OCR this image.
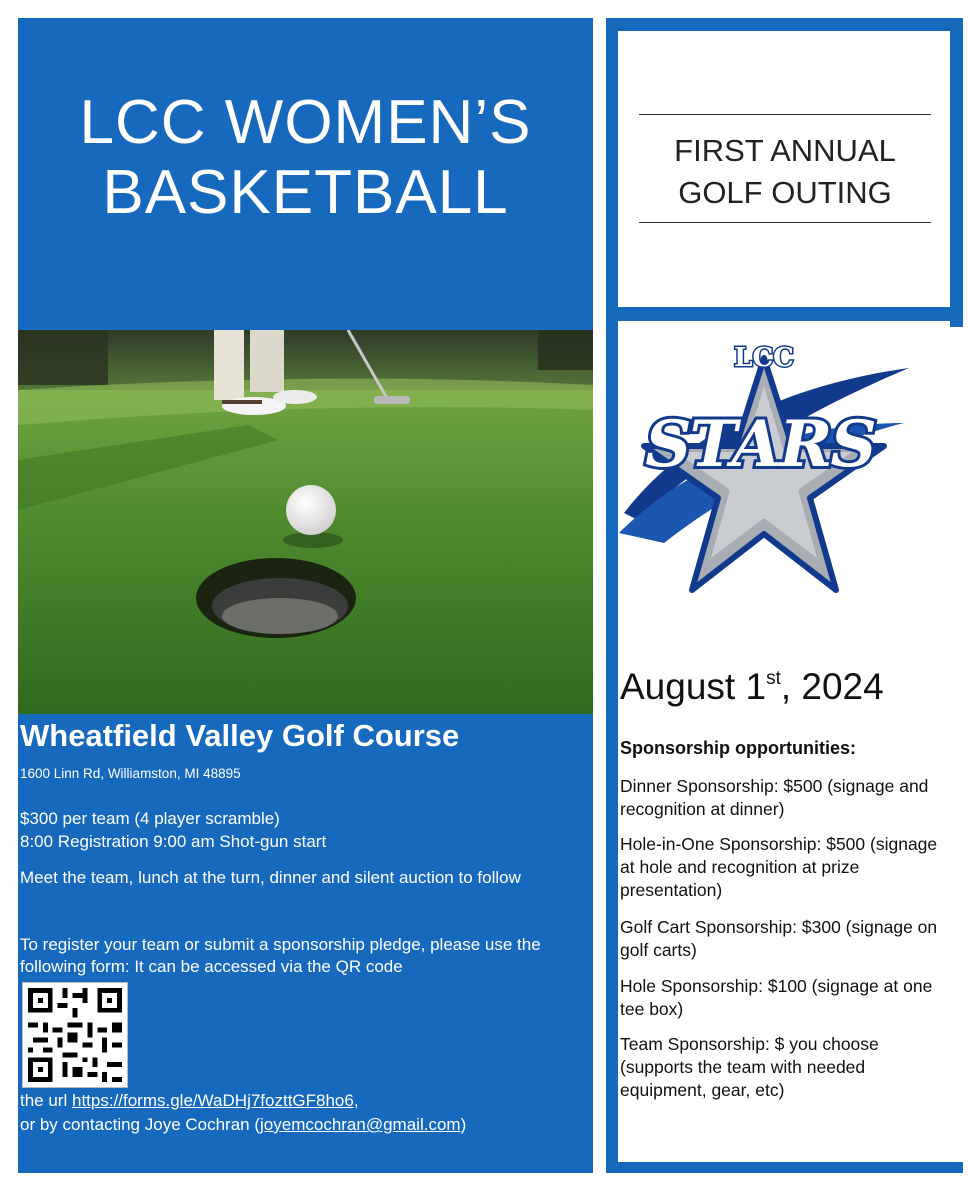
LCC WOMEN’S
BASKETBALL
Wheatfield Valley Golf Course
1600 Linn Rd, Williamston, MI 48895
$300 per team (4 player scramble)
8:00 Registration 9:00 am Shot-gun start
Meet the team, lunch at the turn, dinner and silent auction to follow
To register your team or submit a sponsorship pledge, please use the following form: It can be accessed via the QR code
the url https://forms.gle/WaDHj7fozttGF8ho6,
or by contacting Joye Cochran (joyemcochran@gmail.com)
FIRST ANNUAL
GOLF OUTING
LCC
STARS
August 1st, 2024
Sponsorship opportunities:
Dinner Sponsorship: $500 (signage and recognition at dinner)
Hole-in-One Sponsorship: $500 (signage at hole and recognition at prize presentation)
Golf Cart Sponsorship: $300 (signage on golf carts)
Hole Sponsorship: $100 (signage at one tee box)
Team Sponsorship: $ you choose (supports the team with needed equipment, gear, etc)
